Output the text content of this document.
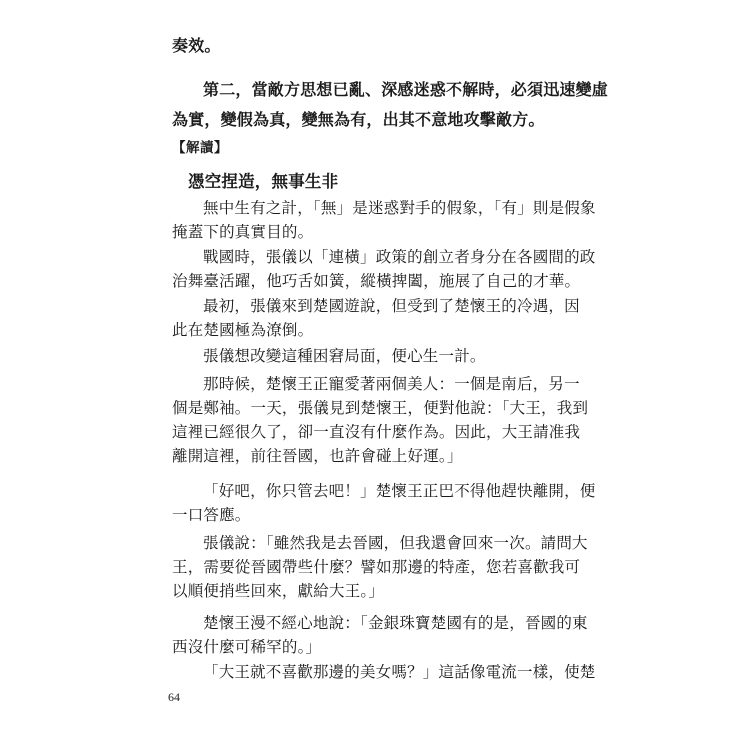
奏效。
第二，當敵方思想已亂、深感迷惑不解時，必須迅速變虛
為實，變假為真，變無為有，出其不意地攻擊敵方。
【解讀】
憑空捏造，無事生非
無中生有之計，「無」是迷惑對手的假象，「有」則是假象
掩蓋下的真實目的。
戰國時，張儀以「連橫」政策的創立者身分在各國間的政
治舞臺活躍，他巧舌如簧，縱橫捭闔，施展了自己的才華。
最初，張儀來到楚國遊說，但受到了楚懷王的冷遇，因
此在楚國極為潦倒。
張儀想改變這種困窘局面，便心生一計。
那時候，楚懷王正寵愛著兩個美人：一個是南后，另一
個是鄭袖。一天，張儀見到楚懷王，便對他說：「大王，我到
這裡已經很久了，卻一直沒有什麼作為。因此，大王請准我
離開這裡，前往晉國，也許會碰上好運。」
「好吧，你只管去吧！」楚懷王正巴不得他趕快離開，便
一口答應。
張儀說：「雖然我是去晉國，但我還會回來一次。請問大
王，需要從晉國帶些什麼？譬如那邊的特產，您若喜歡我可
以順便捎些回來，獻給大王。」
楚懷王漫不經心地說：「金銀珠寶楚國有的是，晉國的東
西沒什麼可稀罕的。」
「大王就不喜歡那邊的美女嗎？」這話像電流一樣，使楚
64
